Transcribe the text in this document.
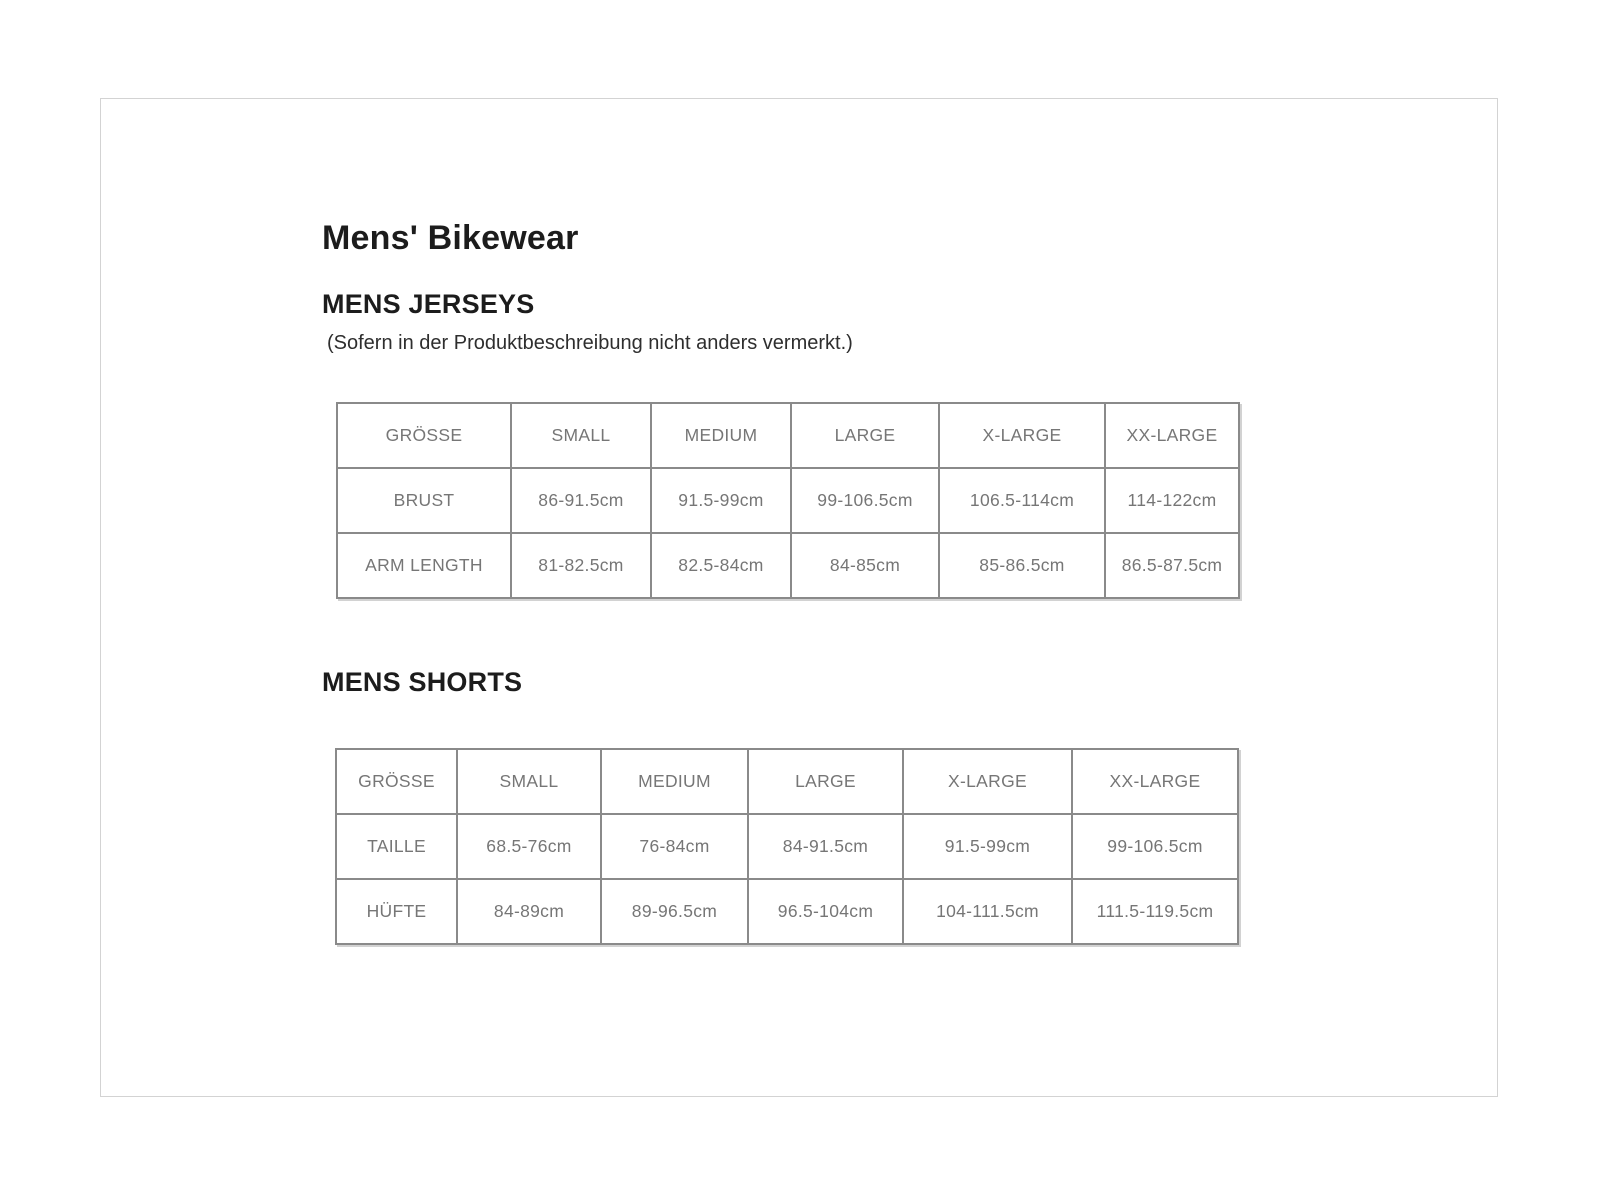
Mens' Bikewear
MENS JERSEYS
(Sofern in der Produktbeschreibung nicht anders vermerkt.)
GRÖSSE	SMALL	MEDIUM	LARGE	X-LARGE	XX-LARGE
BRUST	86-91.5cm	91.5-99cm	99-106.5cm	106.5-114cm	114-122cm
ARM LENGTH	81-82.5cm	82.5-84cm	84-85cm	85-86.5cm	86.5-87.5cm
MENS SHORTS
GRÖSSE	SMALL	MEDIUM	LARGE	X-LARGE	XX-LARGE
TAILLE	68.5-76cm	76-84cm	84-91.5cm	91.5-99cm	99-106.5cm
HÜFTE	84-89cm	89-96.5cm	96.5-104cm	104-111.5cm	111.5-119.5cm
